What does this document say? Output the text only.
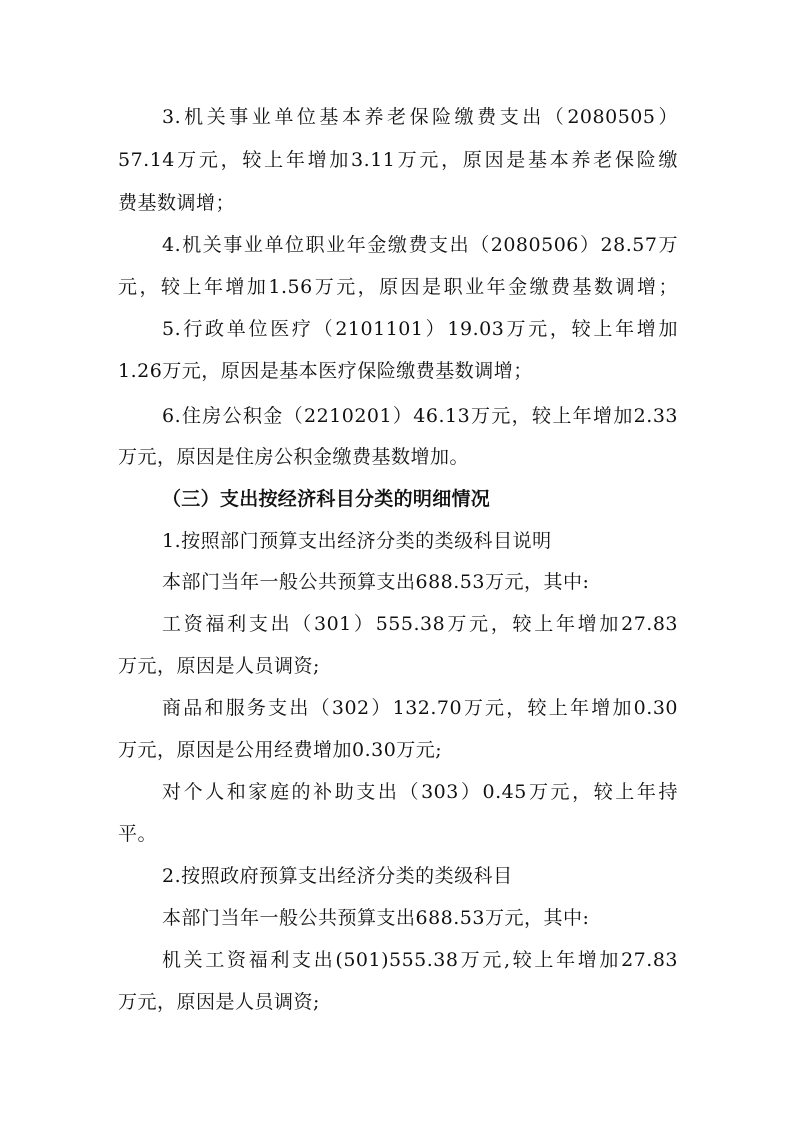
3.机关事业单位基本养老保险缴费支出（2080505）
57.14万元，较上年增加3.11万元，原因是基本养老保险缴
费基数调增；
4.机关事业单位职业年金缴费支出（2080506）28.57万
元，较上年增加1.56万元，原因是职业年金缴费基数调增；
5.行政单位医疗（2101101）19.03万元，较上年增加
1.26万元，原因是基本医疗保险缴费基数调增；
6.住房公积金（2210201）46.13万元，较上年增加2.33
万元，原因是住房公积金缴费基数增加。
（三）支出按经济科目分类的明细情况
1.按照部门预算支出经济分类的类级科目说明
本部门当年一般公共预算支出688.53万元，其中:
工资福利支出（301）555.38万元，较上年增加27.83
万元，原因是人员调资;
商品和服务支出（302）132.70万元，较上年增加0.30
万元，原因是公用经费增加0.30万元;
对个人和家庭的补助支出（303）0.45万元，较上年持
平。
2.按照政府预算支出经济分类的类级科目
本部门当年一般公共预算支出688.53万元，其中:
机关工资福利支出(501)555.38万元,较上年增加27.83
万元，原因是人员调资;
